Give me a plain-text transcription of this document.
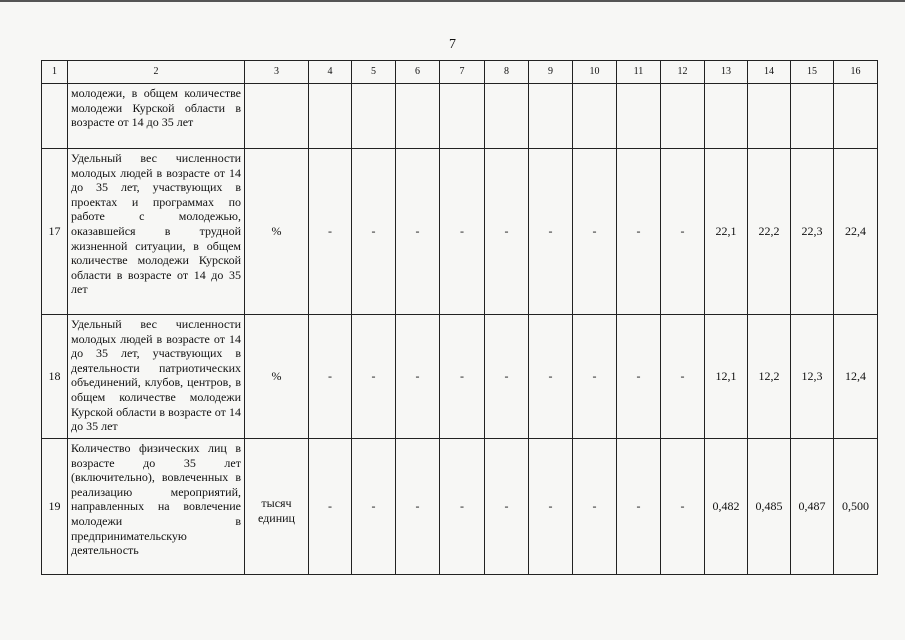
7
1	2	3	4	5	6	7	8	9	10	11	12	13	14	15	16
	молодежи, в общем количестве молодежи Курской области в возрасте от 14 до 35 лет														
17	Удельный вес численности молодых людей в возрасте от 14 до 35 лет, участвующих в проектах и программах по работе с молодежью, оказавшейся в трудной жизненной ситуации, в общем количестве молодежи Курской области в возрасте от 14 до 35 лет	%	-	-	-	-	-	-	-	-	-	22,1	22,2	22,3	22,4
18	Удельный вес численности молодых людей в возрасте от 14 до 35 лет, участвующих в деятельности патриотических объединений, клубов, центров, в общем количестве молодежи Курской области в возрасте от 14 до 35 лет	%	-	-	-	-	-	-	-	-	-	12,1	12,2	12,3	12,4
19	Количество физических лиц в возрасте до 35 лет (включительно), вовлеченных в реализацию мероприятий, направленных на вовлечение молодежи в предпринимательскую деятельность	тысяч единиц	-	-	-	-	-	-	-	-	-	0,482	0,485	0,487	0,500
